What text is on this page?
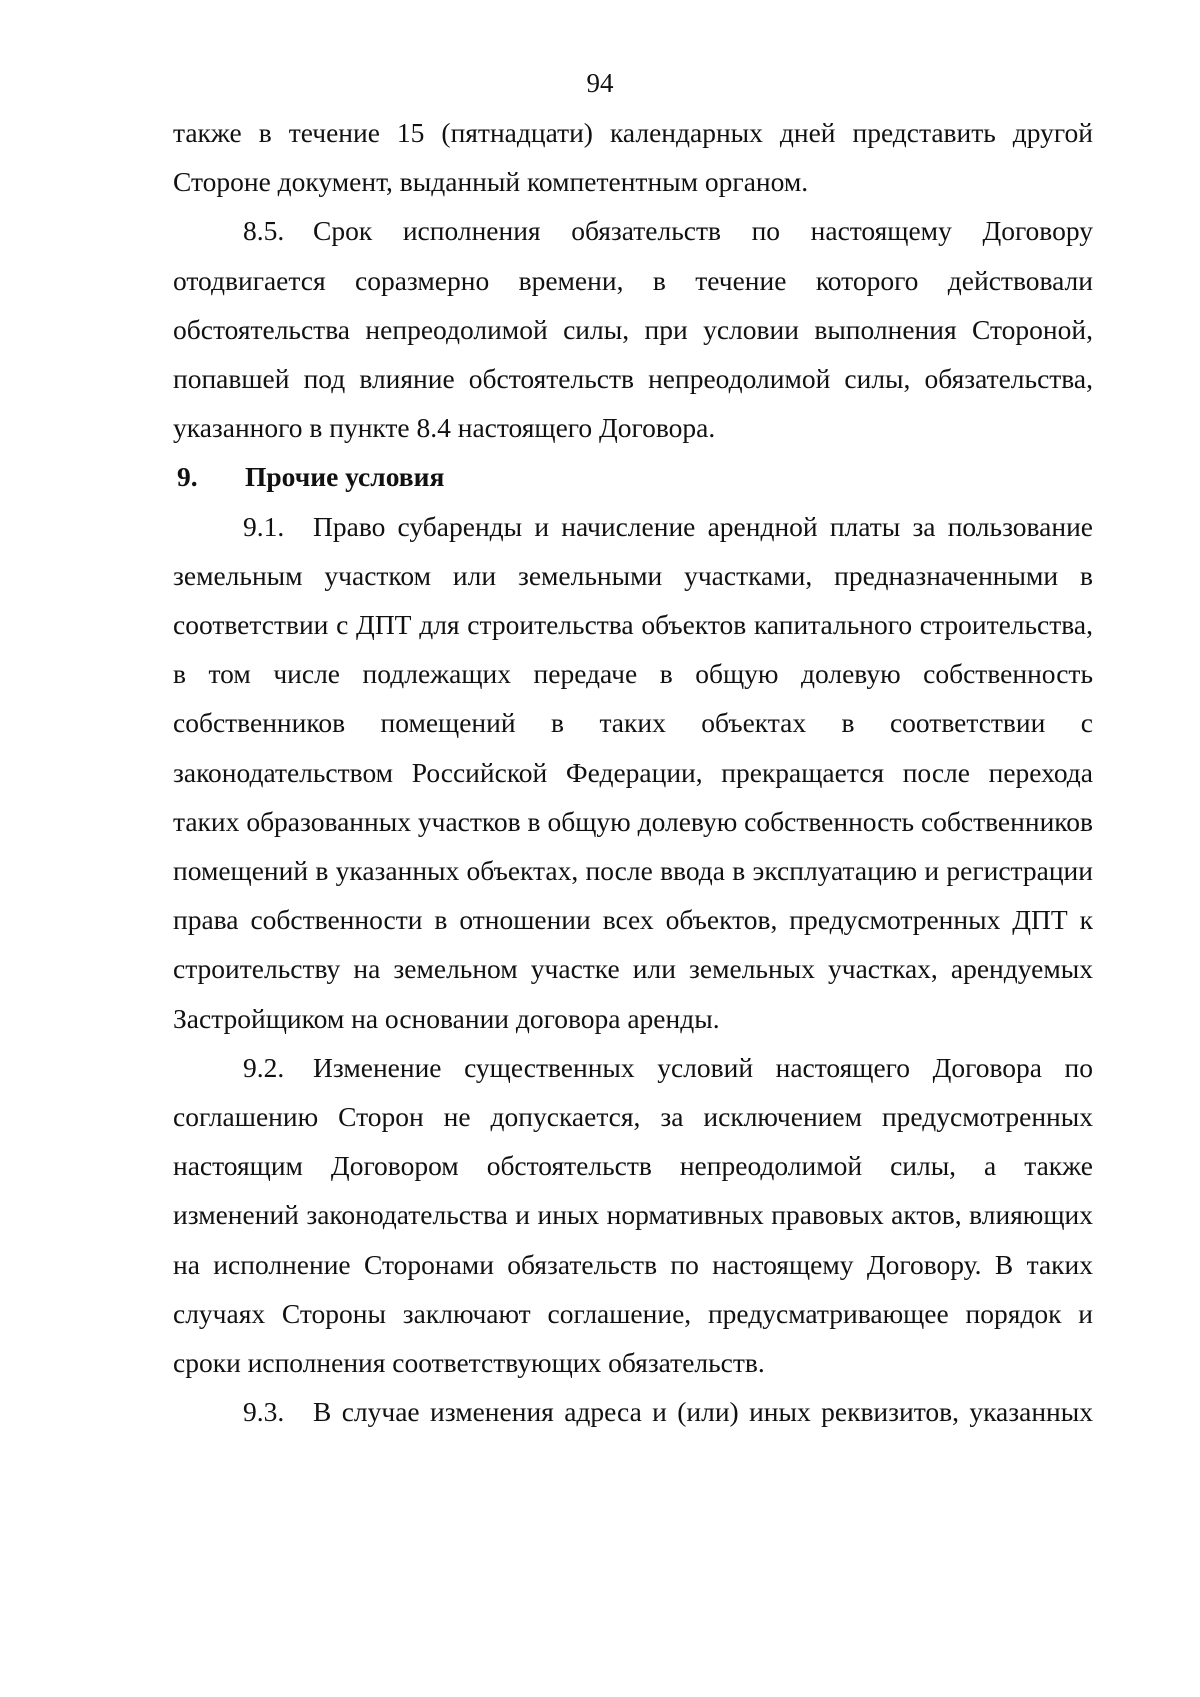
94

также в течение 15 (пятнадцати) календарных дней представить другой Стороне документ, выданный компетентным органом.

8.5. Срок исполнения обязательств по настоящему Договору отодвигается соразмерно времени, в течение которого действовали обстоятельства непреодолимой силы, при условии выполнения Стороной, попавшей под влияние обстоятельств непреодолимой силы, обязательства, указанного в пункте 8.4 настоящего Договора.

9. Прочие условия

9.1. Право субаренды и начисление арендной платы за пользование земельным участком или земельными участками, предназначенными в соответствии с ДПТ для строительства объектов капитального строительства, в том числе подлежащих передаче в общую долевую собственность собственников помещений в таких объектах в соответствии с законодательством Российской Федерации, прекращается после перехода таких образованных участков в общую долевую собственность собственников помещений в указанных объектах, после ввода в эксплуатацию и регистрации права собственности в отношении всех объектов, предусмотренных ДПТ к строительству на земельном участке или земельных участках, арендуемых Застройщиком на основании договора аренды.

9.2. Изменение существенных условий настоящего Договора по соглашению Сторон не допускается, за исключением предусмотренных настоящим Договором обстоятельств непреодолимой силы, а также изменений законодательства и иных нормативных правовых актов, влияющих на исполнение Сторонами обязательств по настоящему Договору. В таких случаях Стороны заключают соглашение, предусматривающее порядок и сроки исполнения соответствующих обязательств.

9.3. В случае изменения адреса и (или) иных реквизитов, указанных
